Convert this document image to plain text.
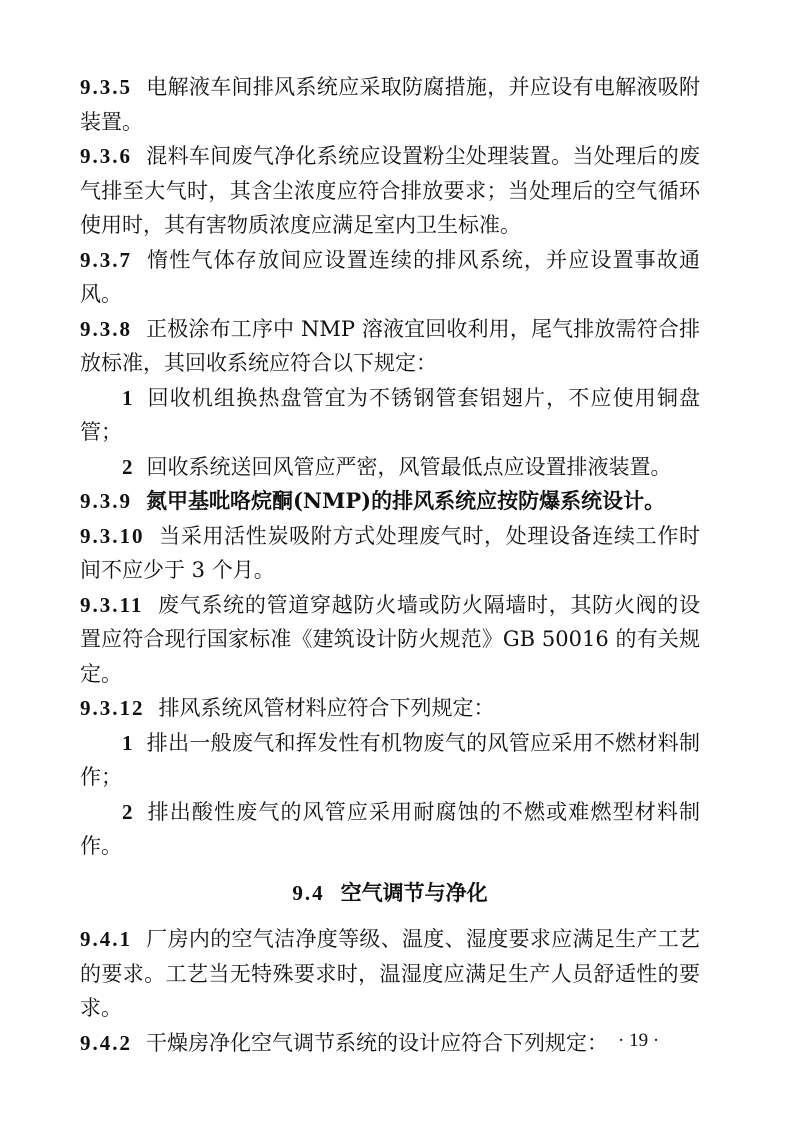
9.3.5 电解液车间排风系统应采取防腐措施，并应设有电解液吸附装置。

9.3.6 混料车间废气净化系统应设置粉尘处理装置。当处理后的废气排至大气时，其含尘浓度应符合排放要求；当处理后的空气循环使用时，其有害物质浓度应满足室内卫生标准。

9.3.7 惰性气体存放间应设置连续的排风系统，并应设置事故通风。

9.3.8 正极涂布工序中 NMP 溶液宜回收利用，尾气排放需符合排放标准，其回收系统应符合以下规定：

1 回收机组换热盘管宜为不锈钢管套铝翅片，不应使用铜盘管；

2 回收系统送回风管应严密，风管最低点应设置排液装置。

9.3.9 氮甲基吡咯烷酮(NMP)的排风系统应按防爆系统设计。

9.3.10 当采用活性炭吸附方式处理废气时，处理设备连续工作时间不应少于 3 个月。

9.3.11 废气系统的管道穿越防火墙或防火隔墙时，其防火阀的设置应符合现行国家标准《建筑设计防火规范》GB 50016 的有关规定。

9.3.12 排风系统风管材料应符合下列规定：

1 排出一般废气和挥发性有机物废气的风管应采用不燃材料制作；

2 排出酸性废气的风管应采用耐腐蚀的不燃或难燃型材料制作。

9.4 空气调节与净化

9.4.1 厂房内的空气洁净度等级、温度、湿度要求应满足生产工艺的要求。工艺当无特殊要求时，温湿度应满足生产人员舒适性的要求。

9.4.2 干燥房净化空气调节系统的设计应符合下列规定： · 19 ·
